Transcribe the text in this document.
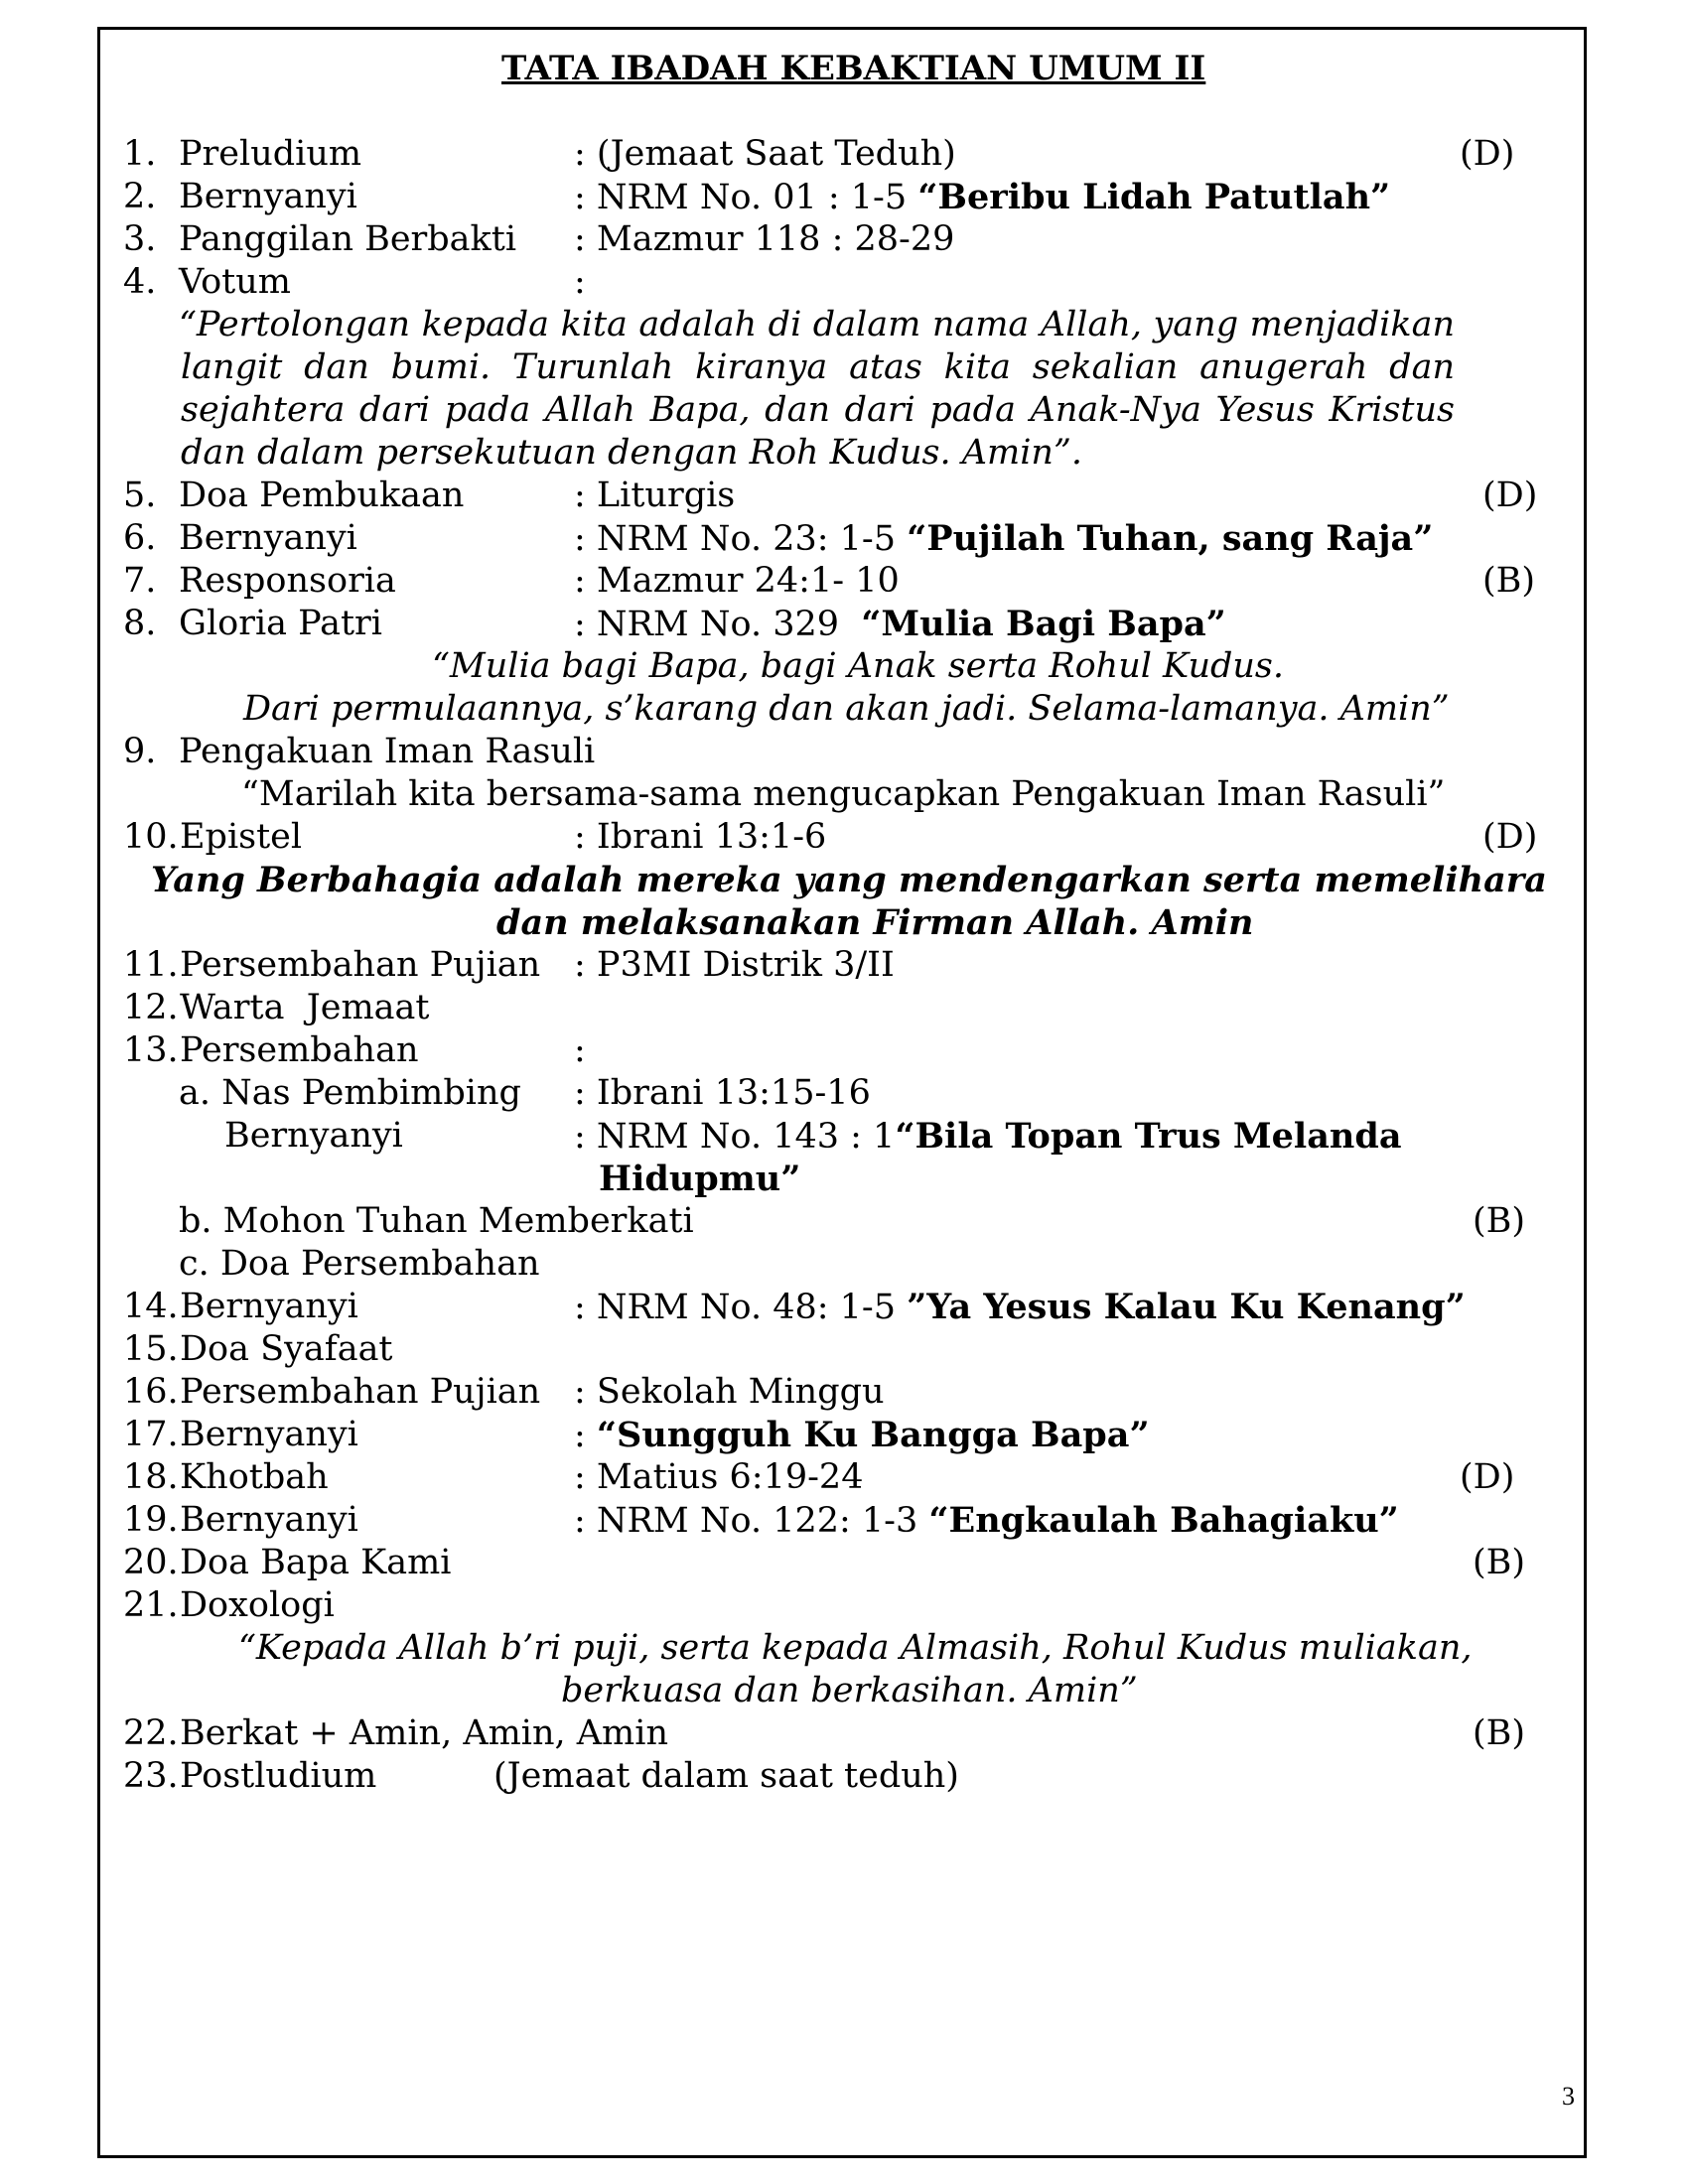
TATA IBADAH KEBAKTIAN UMUM II
1. Preludium	: (Jemaat Saat Teduh)	(D)
2. Bernyanyi	: NRM No. 01 : 1-5 “Beribu Lidah Patutlah”
3. Panggilan Berbakti : Mazmur 118 : 28-29
4. Votum	:
“Pertolongan kepada kita adalah di dalam nama Allah, yang menjadikan
langit dan bumi. Turunlah kiranya atas kita sekalian anugerah dan
sejahtera dari pada Allah Bapa, dan dari pada Anak-Nya Yesus Kristus
dan dalam persekutuan dengan Roh Kudus. Amin”.
5. Doa Pembukaan	: Liturgis	(D)
6. Bernyanyi	: NRM No. 23: 1-5 “Pujilah Tuhan, sang Raja”
7. Responsoria	: Mazmur 24:1- 10	(B)
8. Gloria Patri	: NRM No. 329  “Mulia Bagi Bapa”
“Mulia bagi Bapa, bagi Anak serta Rohul Kudus.
Dari permulaannya, s’karang dan akan jadi. Selama-lamanya. Amin”
9. Pengakuan Iman Rasuli
“Marilah kita bersama-sama mengucapkan Pengakuan Iman Rasuli”
10. Epistel	: Ibrani 13:1-6	(D)
Yang Berbahagia adalah mereka yang mendengarkan serta memelihara
dan melaksanakan Firman Allah. Amin
11. Persembahan Pujian : P3MI Distrik 3/II
12. Warta  Jemaat
13. Persembahan	:
a. Nas Pembimbing : Ibrani 13:15-16
Bernyanyi	: NRM No. 143 : 1“Bila Topan Trus Melanda
Hidupmu”
b. Mohon Tuhan Memberkati	(B)
c. Doa Persembahan
14. Bernyanyi	: NRM No. 48: 1-5 ”Ya Yesus Kalau Ku Kenang”
15. Doa Syafaat
16. Persembahan Pujian : Sekolah Minggu
17. Bernyanyi	: “Sungguh Ku Bangga Bapa”
18. Khotbah	: Matius 6:19-24	(D)
19. Bernyanyi	: NRM No. 122: 1-3 “Engkaulah Bahagiaku”
20. Doa Bapa Kami	(B)
21. Doxologi
“Kepada Allah b’ri puji, serta kepada Almasih, Rohul Kudus muliakan,
berkuasa dan berkasihan. Amin”
22. Berkat + Amin, Amin, Amin	(B)
23. Postludium	(Jemaat dalam saat teduh)
3
